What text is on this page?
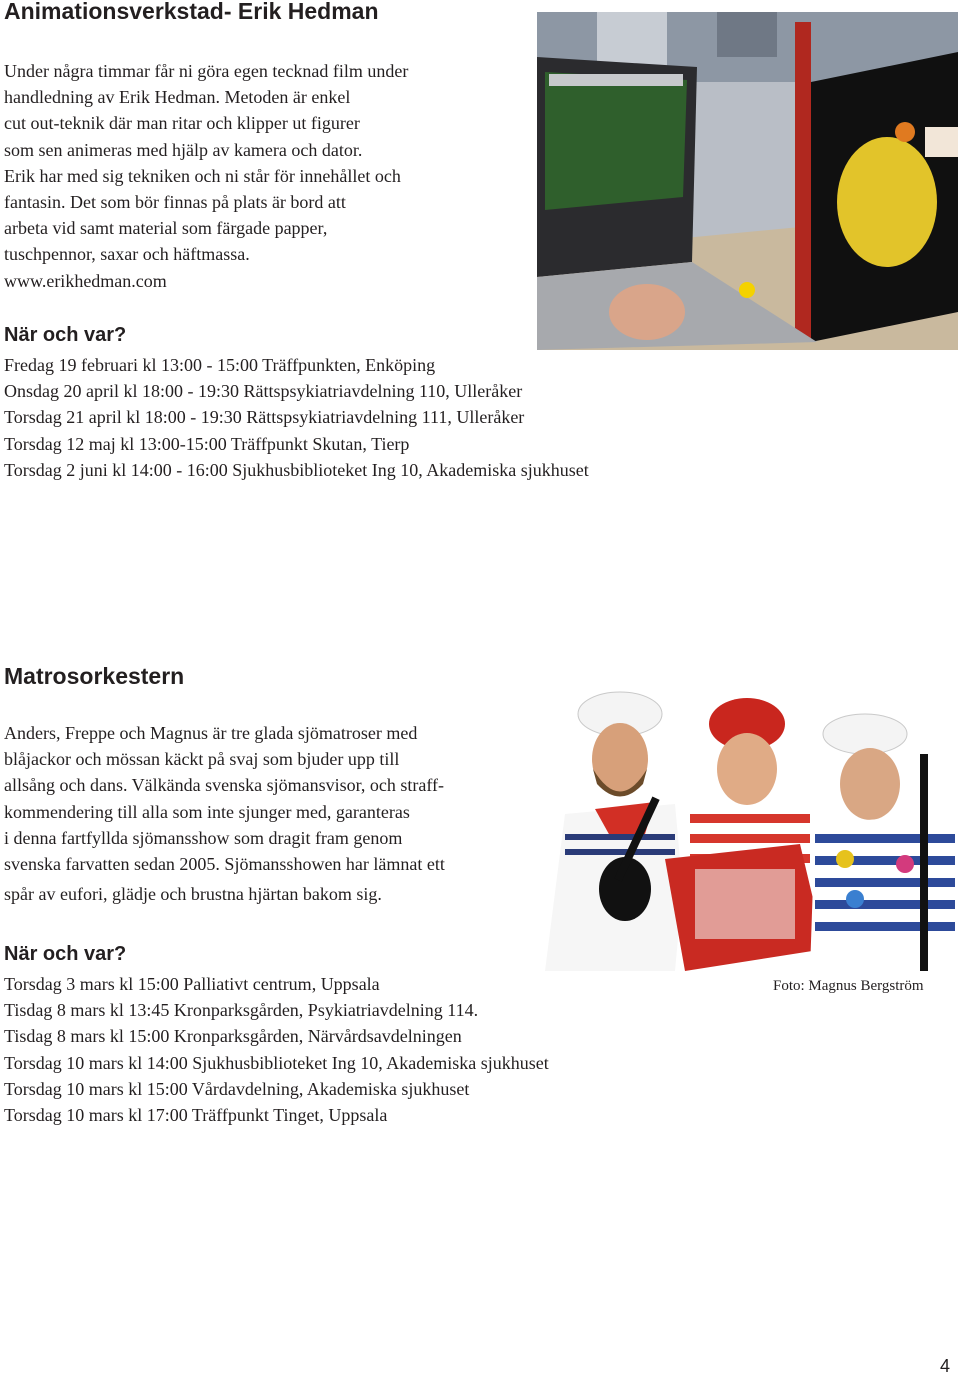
Animationsverkstad- Erik Hedman
Under några timmar får ni göra egen tecknad film under
handledning av Erik Hedman. Metoden är enkel
cut out-teknik där man ritar och klipper ut figurer
som sen animeras med hjälp av kamera och dator.
Erik har med sig tekniken och ni står för innehållet och
fantasin. Det som bör finnas på plats är bord att
arbeta vid samt material som färgade papper,
tuschpennor, saxar och häftmassa.
www.erikhedman.com
När och var?
Fredag 19 februari kl 13:00 - 15:00 Träffpunkten, Enköping
Onsdag 20 april kl 18:00 - 19:30 Rättspsykiatriavdelning 110, Ulleråker
Torsdag 21 april kl 18:00 - 19:30 Rättspsykiatriavdelning 111, Ulleråker
Torsdag 12 maj kl 13:00-15:00 Träffpunkt Skutan, Tierp
Torsdag 2 juni kl 14:00 - 16:00 Sjukhusbiblioteket Ing 10, Akademiska sjukhuset
Matrosorkestern
Anders, Freppe och Magnus är tre glada sjömatroser med
blåjackor och mössan käckt på svaj som bjuder upp till
allsång och dans. Välkända svenska sjömansvisor, och straff-
kommendering till alla som inte sjunger med, garanteras
i denna fartfyllda sjömansshow som dragit fram genom
svenska farvatten sedan 2005. Sjömansshowen har lämnat ett
spår av eufori, glädje och brustna hjärtan bakom sig.
Foto: Magnus Bergström
När och var?
Torsdag 3 mars kl 15:00 Palliativt centrum, Uppsala
Tisdag 8 mars kl 13:45 Kronparksgården, Psykiatriavdelning 114.
Tisdag 8 mars kl 15:00 Kronparksgården, Närvårdsavdelningen
Torsdag 10 mars kl 14:00 Sjukhusbiblioteket Ing 10, Akademiska sjukhuset
Torsdag 10 mars kl 15:00 Vårdavdelning, Akademiska sjukhuset
Torsdag 10 mars kl 17:00 Träffpunkt Tinget, Uppsala
4
